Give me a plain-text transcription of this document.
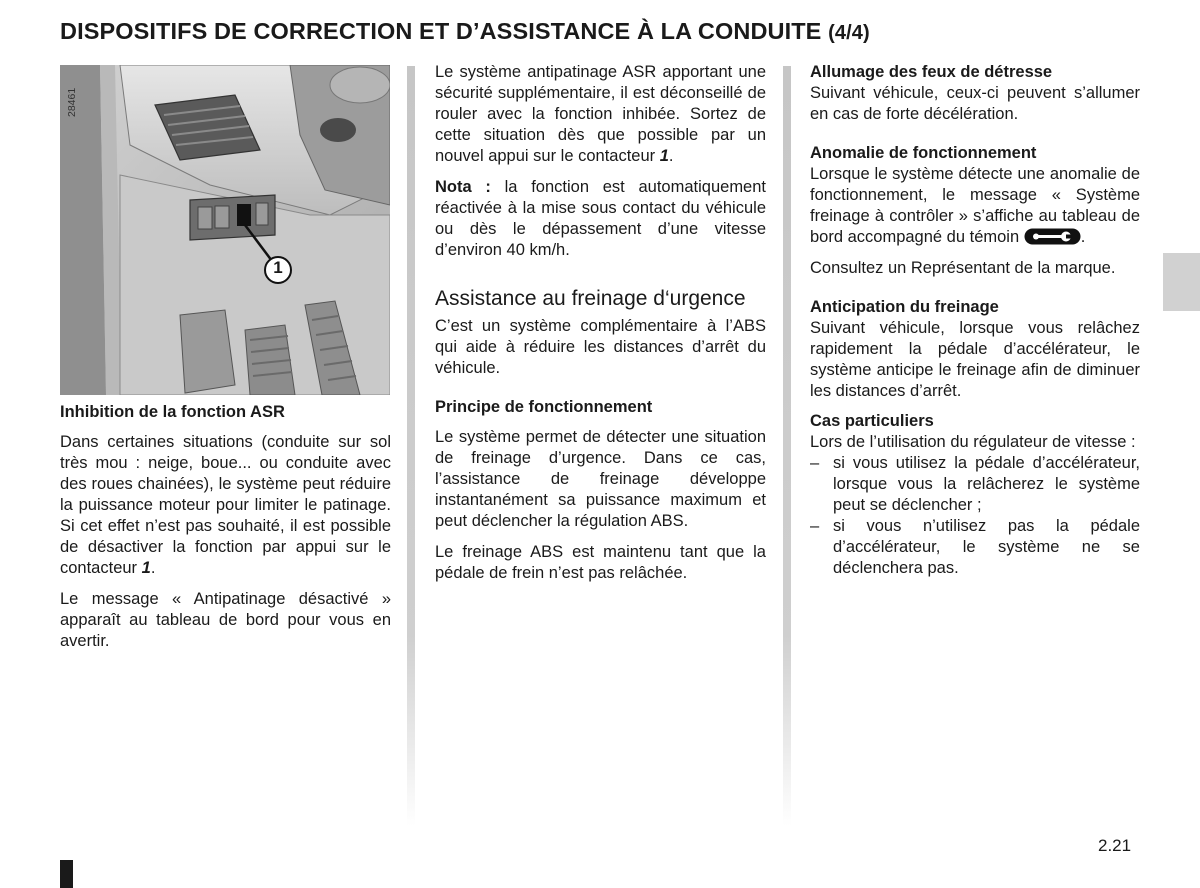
DISPOSITIFS DE CORRECTION ET D’ASSISTANCE À LA CONDUITE (4/4)
1
28461

Inhibition de la fonction ASR

Dans certaines situations (conduite sur sol très mou : neige, boue... ou conduite avec des roues chainées), le système peut réduire la puissance moteur pour limiter le patinage. Si cet effet n’est pas souhaité, il est possible de désactiver la fonction par appui sur le contacteur 1.

Le message « Antipatinage désactivé » apparaît au tableau de bord pour vous en avertir.

Le système antipatinage ASR apportant une sécurité supplémentaire, il est déconseillé de rouler avec la fonction inhibée. Sortez de cette situation dès que possible par un nouvel appui sur le contacteur 1.

Nota : la fonction est automatiquement réactivée à la mise sous contact du véhicule ou dès le dépassement d’une vitesse d’environ 40 km/h.

Assistance au freinage d‘urgence

C’est un système complémentaire à l’ABS qui aide à réduire les distances d’arrêt du véhicule.

Principe de fonctionnement

Le système permet de détecter une situation de freinage d’urgence. Dans ce cas, l’assistance de freinage développe instantanément sa puissance maximum et peut déclencher la régulation ABS.

Le freinage ABS est maintenu tant que la pédale de frein n’est pas relâchée.

Allumage des feux de détresse

Suivant véhicule, ceux-ci peuvent s’allumer en cas de forte décélération.

Anomalie de fonctionnement

Lorsque le système détecte une anomalie de fonctionnement, le message « Système freinage à contrôler » s’affiche au tableau de bord accompagné du témoin	.

Consultez un Représentant de la marque.

Anticipation du freinage

Suivant véhicule, lorsque vous relâchez rapidement la pédale d’accélérateur, le système anticipe le freinage afin de diminuer les distances d’arrêt.

Cas particuliers

Lors de l’utilisation du régulateur de vitesse :

– si vous utilisez la pédale d’accélérateur, lorsque vous la relâcherez le système peut se déclencher ;
– si vous n’utilisez pas la pédale d’accélérateur, le système ne se déclenchera pas.
2.21
